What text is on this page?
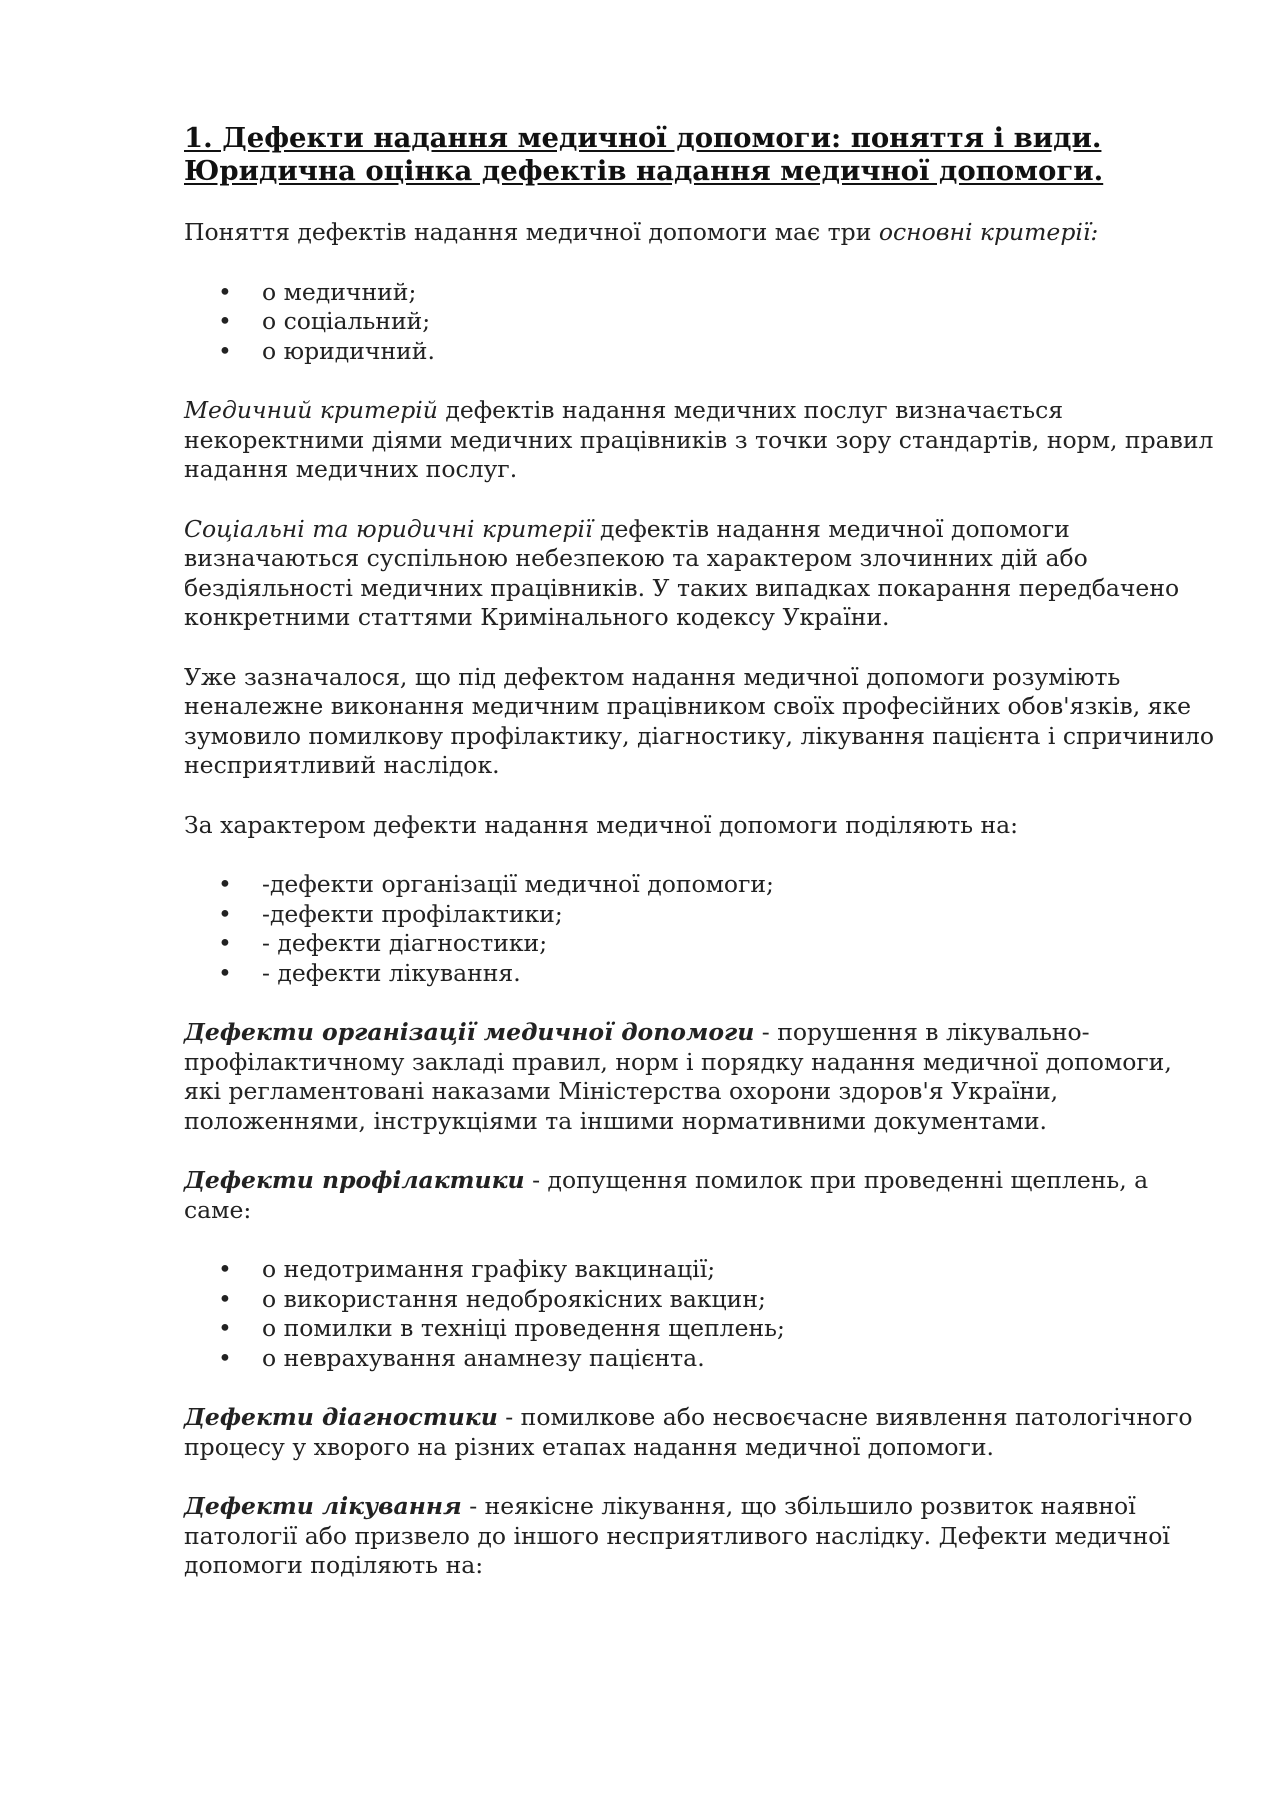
1. Дефекти надання медичної допомоги: поняття і види. Юридична оцінка дефектів надання медичної допомоги.

Поняття дефектів надання медичної допомоги має три основні критерії:

• о медичний;
• о соціальний;
• о юридичний.

Медичний критерій дефектів надання медичних послуг визначається некоректними діями медичних працівників з точки зору стандартів, норм, правил надання медичних послуг.

Соціальні та юридичні критерії дефектів надання медичної допомоги визначаються суспільною небезпекою та характером злочинних дій або бездіяльності медичних працівників. У таких випадках покарання передбачено конкретними статтями Кримінального кодексу України.

Уже зазначалося, що під дефектом надання медичної допомоги розуміють неналежне виконання медичним працівником своїх професійних обов'язків, яке зумовило помилкову профілактику, діагностику, лікування пацієнта і спричинило несприятливий наслідок.

За характером дефекти надання медичної допомоги поділяють на:

• -дефекти організації медичної допомоги;
• -дефекти профілактики;
• - дефекти діагностики;
• - дефекти лікування.

Дефекти організації медичної допомоги - порушення в лікувально-профілактичному закладі правил, норм і порядку надання медичної допомоги, які регламентовані наказами Міністерства охорони здоров'я України, положеннями, інструкціями та іншими нормативними документами.

Дефекти профілактики - допущення помилок при проведенні щеплень, а саме:

• о недотримання графіку вакцинації;
• о використання недоброякісних вакцин;
• о помилки в техніці проведення щеплень;
• о неврахування анамнезу пацієнта.

Дефекти діагностики - помилкове або несвоєчасне виявлення патологічного процесу у хворого на різних етапах надання медичної допомоги.

Дефекти лікування - неякісне лікування, що збільшило розвиток наявної патології або призвело до іншого несприятливого наслідку. Дефекти медичної допомоги поділяють на:
